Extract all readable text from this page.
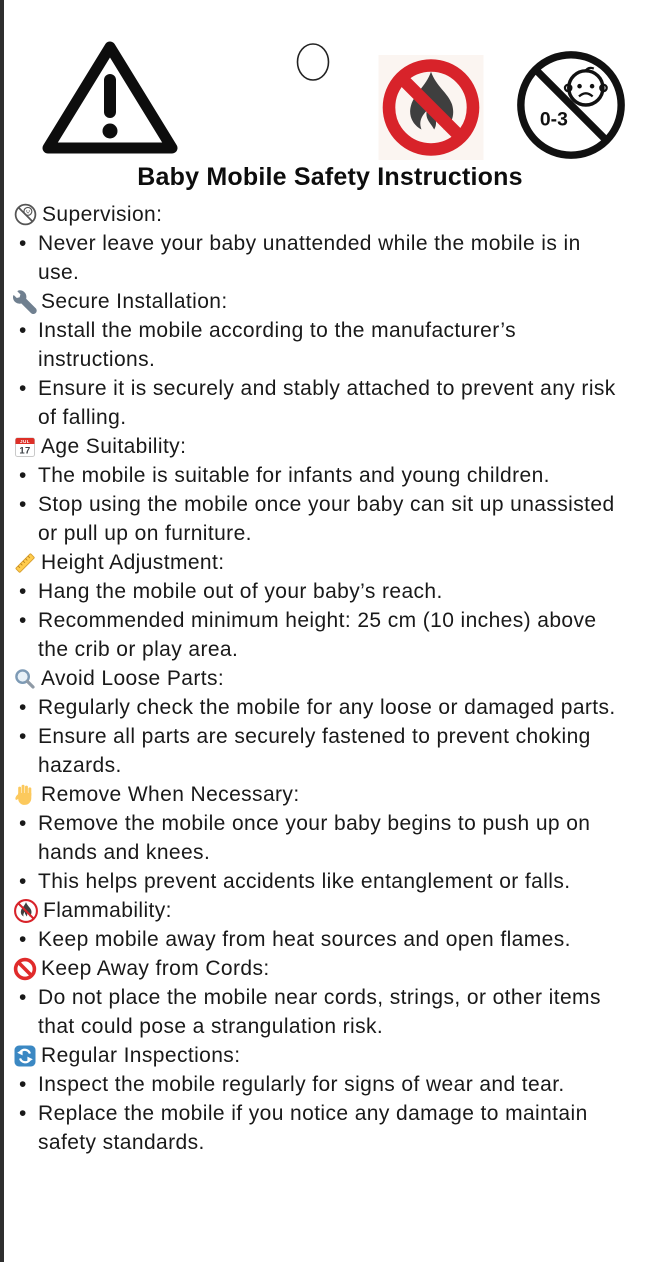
0-3
Baby Mobile Safety Instructions
Supervision:
• Never leave your baby unattended while the mobile is in use.
Secure Installation:
• Install the mobile according to the manufacturer’s instructions.
• Ensure it is securely and stably attached to prevent any risk of falling.
JUL
17 Age Suitability:
• The mobile is suitable for infants and young children.
• Stop using the mobile once your baby can sit up unassisted or pull up on furniture.
Height Adjustment:
• Hang the mobile out of your baby’s reach.
• Recommended minimum height: 25 cm (10 inches) above the crib or play area.
Avoid Loose Parts:
• Regularly check the mobile for any loose or damaged parts.
• Ensure all parts are securely fastened to prevent choking hazards.
Remove When Necessary:
• Remove the mobile once your baby begins to push up on hands and knees.
• This helps prevent accidents like entanglement or falls.
Flammability:
• Keep mobile away from heat sources and open flames.
Keep Away from Cords:
• Do not place the mobile near cords, strings, or other items that could pose a strangulation risk.
Regular Inspections:
• Inspect the mobile regularly for signs of wear and tear.
• Replace the mobile if you notice any damage to maintain safety standards.
